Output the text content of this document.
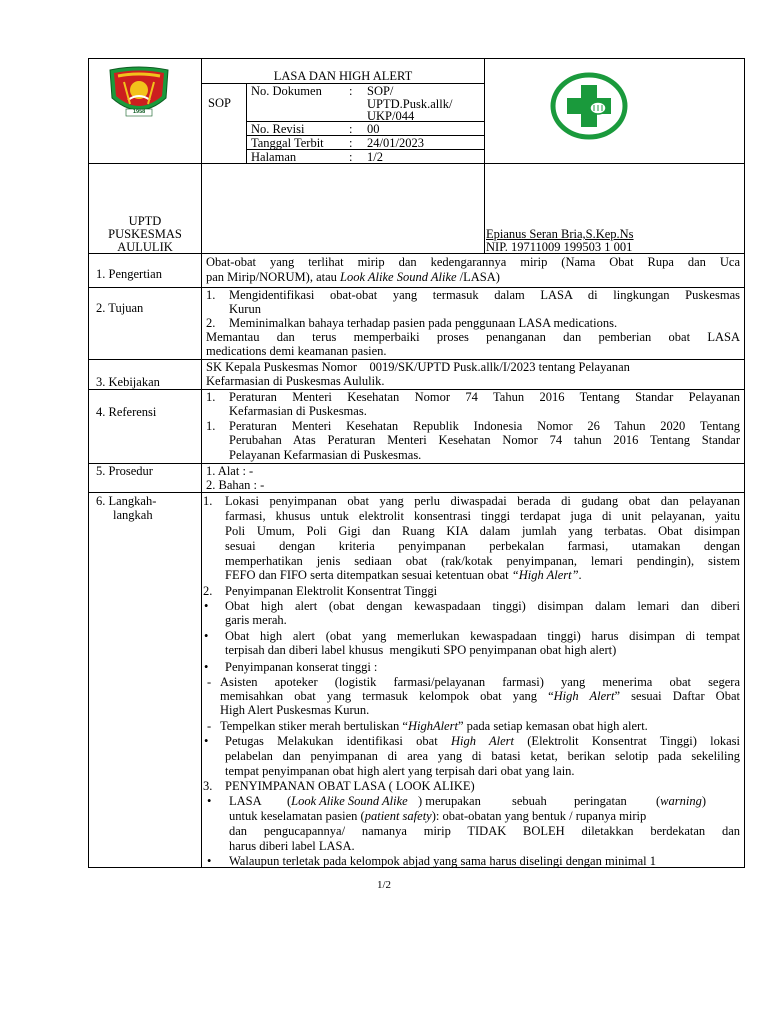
1958
LASA DAN HIGH ALERT
SOP
No. Dokumen : SOP/
UPTD.Pusk.allk/
UKP/044
No. Revisi	: 00
Tanggal Terbit : 24/01/2023
Halaman	: 1/2
UPTD
PUSKESMAS
AULULIK
Epianus Seran Bria,S.Kep.Ns
NIP. 19711009 199503 1 001
1. Pengertian
Obat-obat yang terlihat mirip dan kedengarannya mirip (Nama Obat Rupa dan Uca
pan Mirip/NORUM), atau Look Alike Sound Alike /LASA)
2. Tujuan
1. Mengidentifikasi obat-obat yang termasuk dalam LASA di lingkungan Puskesmas
Kurun
2. Meminimalkan bahaya terhadap pasien pada penggunaan LASA medications.
Memantau dan terus memperbaiki proses penanganan dan pemberian obat LASA
medications demi keamanan pasien.
3. Kebijakan
SK Kepala Puskesmas Nomor    0019/SK/UPTD Pusk.allk/I/2023 tentang Pelayanan
Kefarmasian di Puskesmas Aululik.
4. Referensi
1. Peraturan Menteri Kesehatan Nomor 74 Tahun 2016 Tentang Standar Pelayanan
Kefarmasian di Puskesmas.
1. Peraturan Menteri Kesehatan Republik Indonesia Nomor 26 Tahun 2020 Tentang
Perubahan Atas Peraturan Menteri Kesehatan Nomor 74 tahun 2016 Tentang Standar
Pelayanan Kefarmasian di Puskesmas.
5. Prosedur	1. Alat : -
2. Bahan : -
6. Langkah-
langkah
1. Lokasi penyimpanan obat yang perlu diwaspadai berada di gudang obat dan pelayanan
farmasi, khusus untuk elektrolit konsentrasi tinggi terdapat juga di unit pelayanan, yaitu
Poli Umum, Poli Gigi dan Ruang KIA dalam jumlah yang terbatas. Obat disimpan
sesuai dengan kriteria penyimpanan perbekalan farmasi, utamakan dengan
memperhatikan jenis sediaan obat (rak/kotak penyimpanan, lemari pendingin), sistem
FEFO dan FIFO serta ditempatkan sesuai ketentuan obat “High Alert”.
2. Penyimpanan Elektrolit Konsentrat Tinggi
• Obat high alert (obat dengan kewaspadaan tinggi) disimpan dalam lemari dan diberi
garis merah.
• Obat high alert (obat yang memerlukan kewaspadaan tinggi) harus disimpan di tempat
terpisah dan diberi label khusus  mengikuti SPO penyimpanan obat high alert)
• Penyimpanan konserat tinggi :
- Asisten apoteker (logistik farmasi/pelayanan farmasi) yang menerima obat segera
memisahkan obat yang termasuk kelompok obat yang “High Alert” sesuai Daftar Obat
High Alert Puskesmas Kurun.
- Tempelkan stiker merah bertuliskan “HighAlert” pada setiap kemasan obat high alert.
• Petugas Melakukan identifikasi obat High Alert (Elektrolit Konsentrat Tinggi) lokasi
pelabelan dan penyimpanan di area yang di batasi ketat, berikan selotip pada sekeliling
tempat penyimpanan obat high alert yang terpisah dari obat yang lain.
3. PENYIMPANAN OBAT LASA ( LOOK ALIKE)
• LASA (Look Alike Sound Alike ) merupakan sebuah peringatan (warning)
untuk keselamatan pasien (patient safety): obat-obatan yang bentuk / rupanya mirip
dan pengucapannya/ namanya mirip TIDAK BOLEH diletakkan berdekatan dan
harus diberi label LASA.
• Walaupun terletak pada kelompok abjad yang sama harus diselingi dengan minimal 1
1/2
